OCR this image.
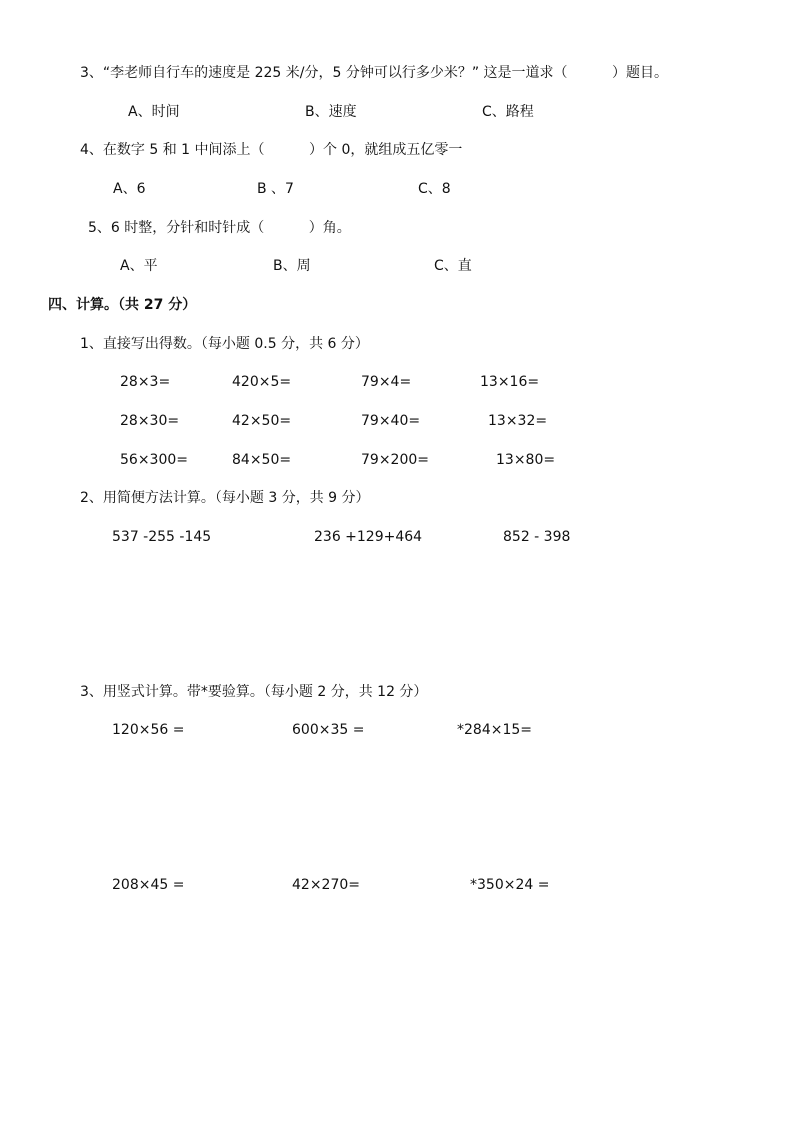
3、“李老师自行车的速度是 225 米/分，5 分钟可以行多少米？” 这是一道求（          ）题目。
A、时间	B、速度	C、路程
4、在数字 5 和 1 中间添上（          ）个 0，就组成五亿零一
A、6	B 、7	C、8
5、6 时整，分针和时针成（          ）角。
A、平	B、周	C、直
四、计算。（共 27 分）
1、直接写出得数。（每小题 0.5 分，共 6 分）
28×3=	420×5=	79×4=	13×16=
28×30=	42×50=	79×40=	13×32=
56×300=	84×50=	79×200=	13×80=
2、用简便方法计算。（每小题 3 分，共 9 分）
537 -255 -145	236 +129+464	852 - 398
3、用竖式计算。带*要验算。（每小题 2 分，共 12 分）
120×56 =	600×35 =	*284×15=
208×45 =	42×270=	*350×24 =
